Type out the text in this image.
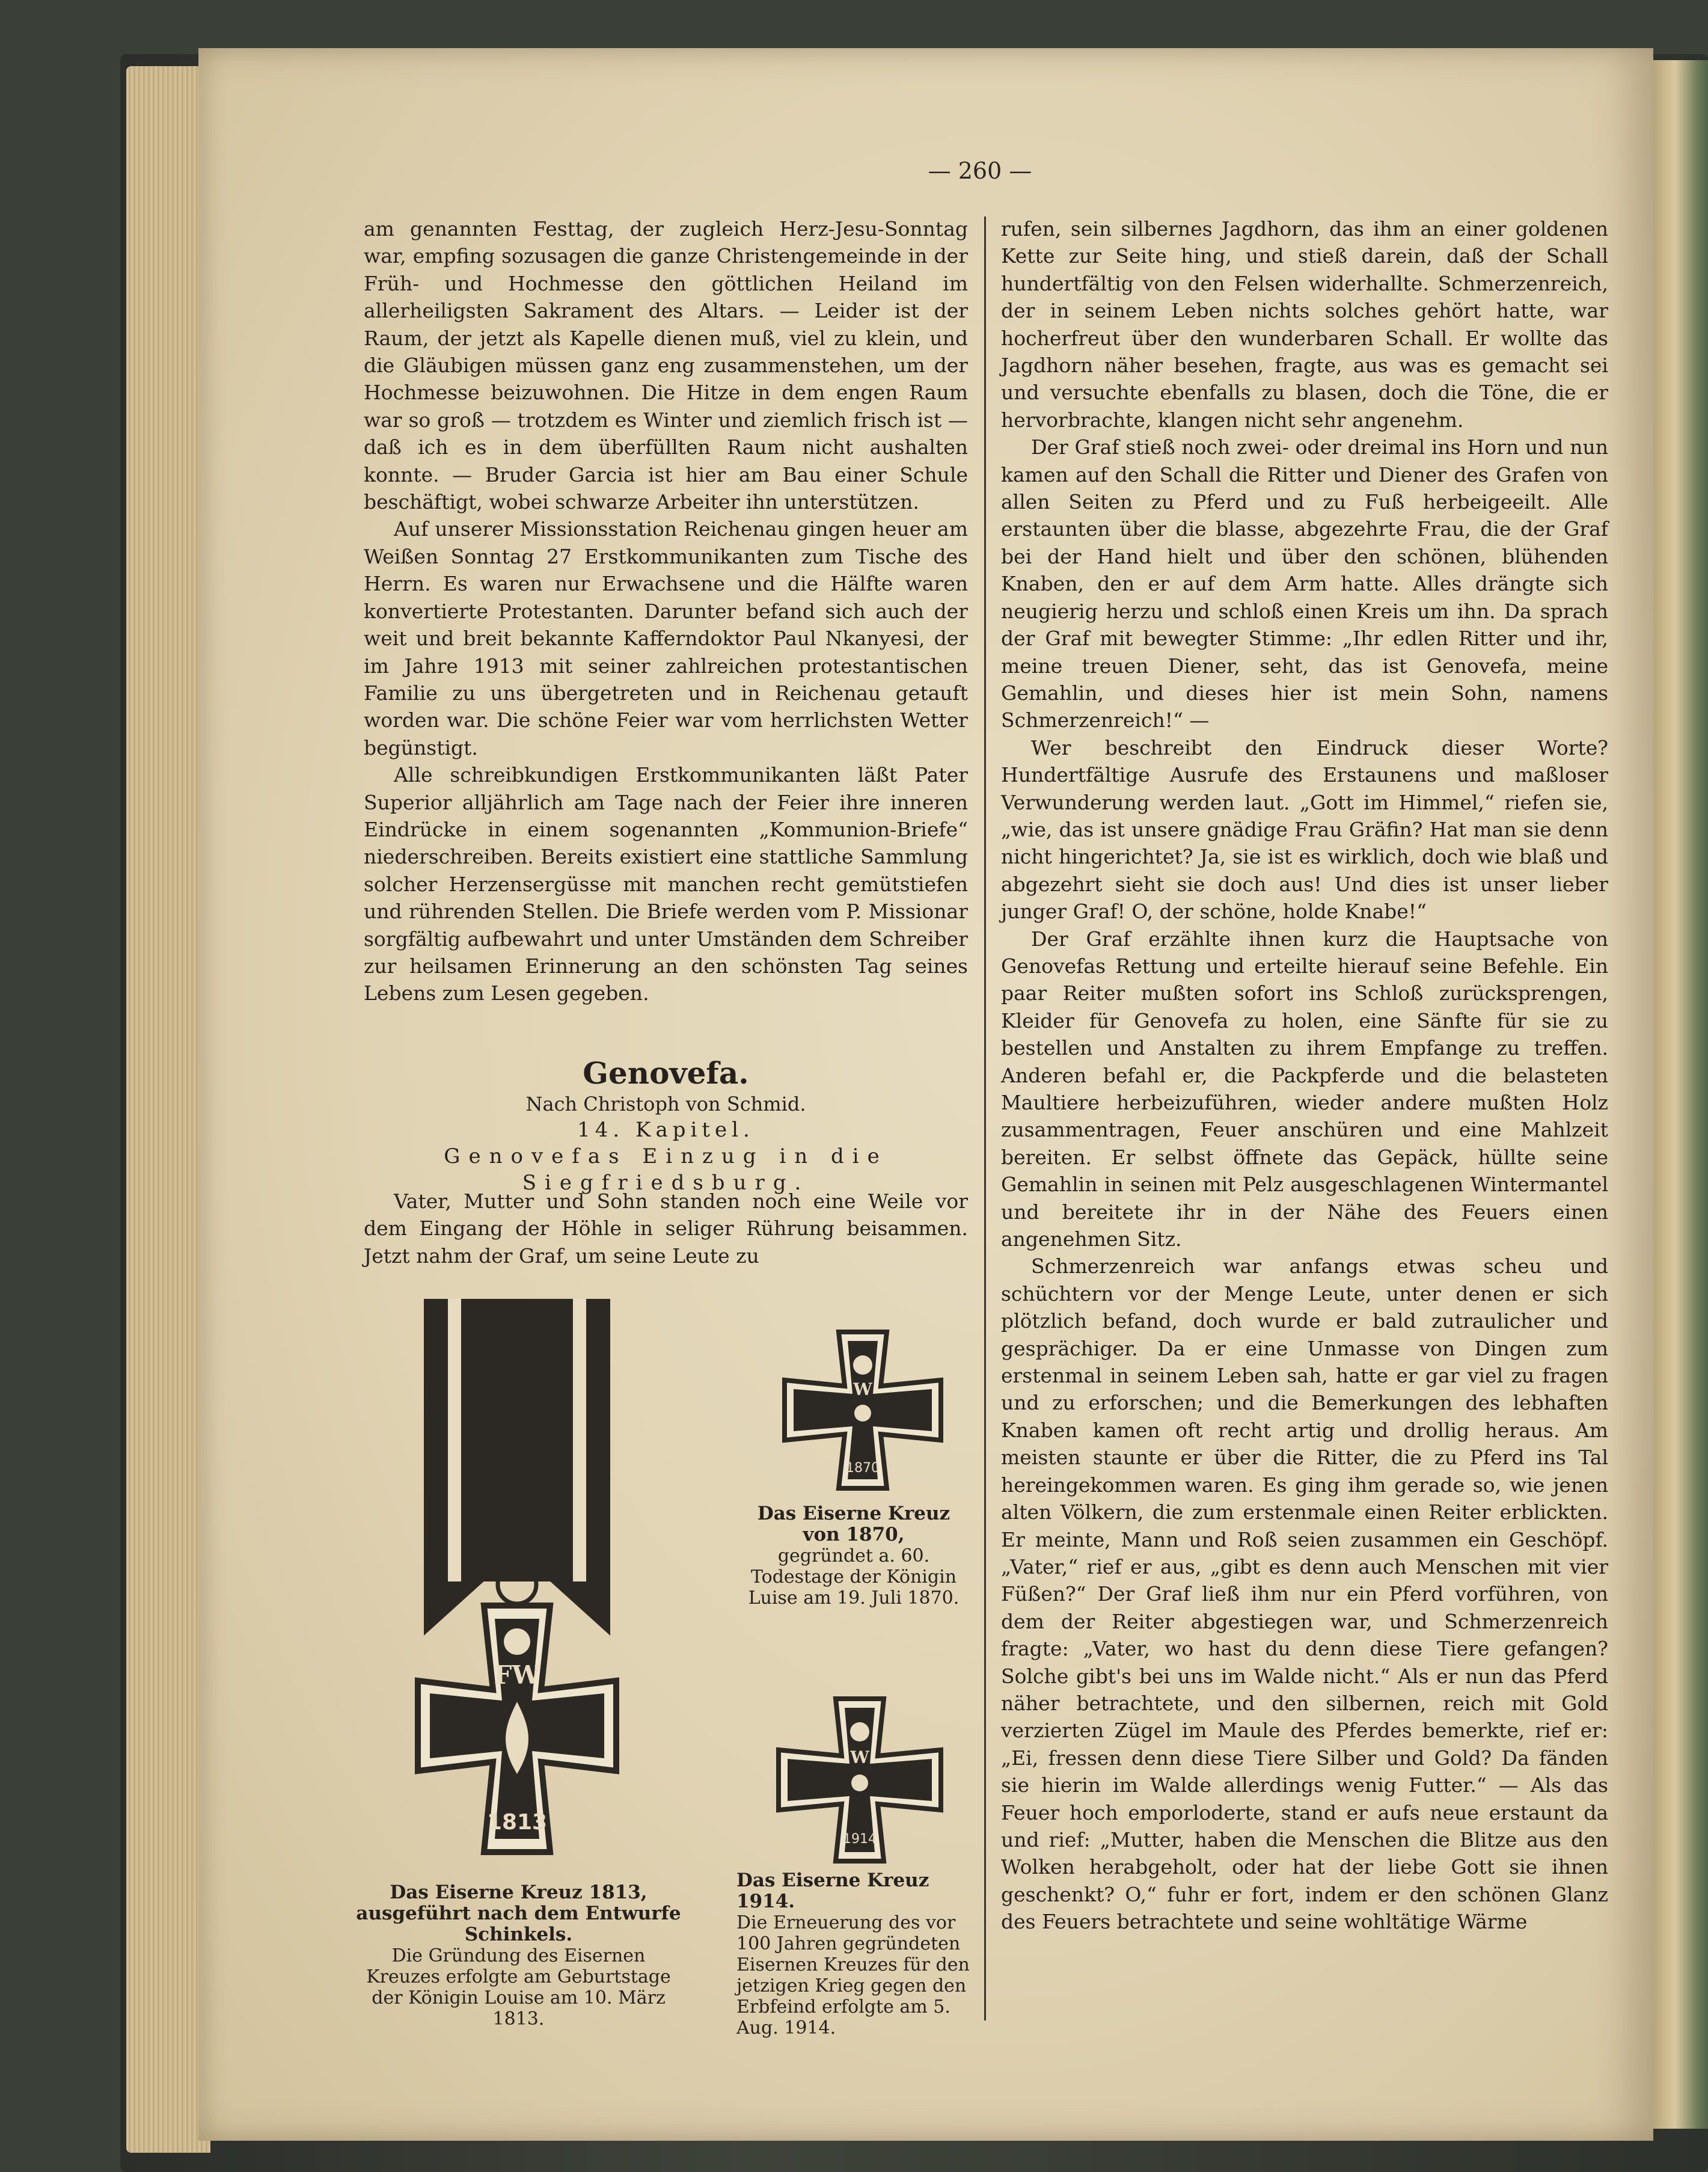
— 260 —

am genannten Festtag, der zugleich Herz-Jesu-Sonntag war, empfing sozusagen die ganze Christengemeinde in der Früh- und Hochmesse den göttlichen Heiland im allerheiligsten Sakrament des Altars. — Leider ist der Raum, der jetzt als Kapelle dienen muß, viel zu klein, und die Gläubigen müssen ganz eng zusammenstehen, um der Hochmesse beizuwohnen. Die Hitze in dem engen Raum war so groß — trotzdem es Winter und ziemlich frisch ist — daß ich es in dem überfüllten Raum nicht aushalten konnte. — Bruder Garcia ist hier am Bau einer Schule beschäftigt, wobei schwarze Arbeiter ihn unterstützen.

Auf unserer Missionsstation Reichenau gingen heuer am Weißen Sonntag 27 Erstkommunikanten zum Tische des Herrn. Es waren nur Erwachsene und die Hälfte waren konvertierte Protestanten. Darunter befand sich auch der weit und breit bekannte Kafferndoktor Paul Nkanyesi, der im Jahre 1913 mit seiner zahlreichen protestantischen Familie zu uns übergetreten und in Reichenau getauft worden war. Die schöne Feier war vom herrlichsten Wetter begünstigt.

Alle schreibkundigen Erstkommunikanten läßt Pater Superior alljährlich am Tage nach der Feier ihre inneren Eindrücke in einem sogenannten „Kommunion-Briefe“ niederschreiben. Bereits existiert eine stattliche Sammlung solcher Herzensergüsse mit manchen recht gemütstiefen und rührenden Stellen. Die Briefe werden vom P. Missionar sorgfältig aufbewahrt und unter Umständen dem Schreiber zur heilsamen Erinnerung an den schönsten Tag seines Lebens zum Lesen gegeben.

Genovefa.
Nach Christoph von Schmid.
14. Kapitel.
Genovefas Einzug in die Siegfriedsburg.

Vater, Mutter und Sohn standen noch eine Weile vor dem Eingang der Höhle in seliger Rührung beisammen. Jetzt nahm der Graf, um seine Leute zu

rufen, sein silbernes Jagdhorn, das ihm an einer goldenen Kette zur Seite hing, und stieß darein, daß der Schall hundertfältig von den Felsen widerhallte. Schmerzenreich, der in seinem Leben nichts solches gehört hatte, war hocherfreut über den wunderbaren Schall. Er wollte das Jagdhorn näher besehen, fragte, aus was es gemacht sei und versuchte ebenfalls zu blasen, doch die Töne, die er hervorbrachte, klangen nicht sehr angenehm.

Der Graf stieß noch zwei- oder dreimal ins Horn und nun kamen auf den Schall die Ritter und Diener des Grafen von allen Seiten zu Pferd und zu Fuß herbeigeeilt. Alle erstaunten über die blasse, abgezehrte Frau, die der Graf bei der Hand hielt und über den schönen, blühenden Knaben, den er auf dem Arm hatte. Alles drängte sich neugierig herzu und schloß einen Kreis um ihn. Da sprach der Graf mit bewegter Stimme: „Ihr edlen Ritter und ihr, meine treuen Diener, seht, das ist Genovefa, meine Gemahlin, und dieses hier ist mein Sohn, namens Schmerzenreich!“ —

Wer beschreibt den Eindruck dieser Worte? Hundertfältige Ausrufe des Erstaunens und maßloser Verwunderung werden laut. „Gott im Himmel,“ riefen sie, „wie, das ist unsere gnädige Frau Gräfin? Hat man sie denn nicht hingerichtet? Ja, sie ist es wirklich, doch wie blaß und abgezehrt sieht sie doch aus! Und dies ist unser lieber junger Graf! O, der schöne, holde Knabe!“

Der Graf erzählte ihnen kurz die Hauptsache von Genovefas Rettung und erteilte hierauf seine Befehle. Ein paar Reiter mußten sofort ins Schloß zurücksprengen, Kleider für Genovefa zu holen, eine Sänfte für sie zu bestellen und Anstalten zu ihrem Empfange zu treffen. Anderen befahl er, die Packpferde und die belasteten Maultiere herbeizuführen, wieder andere mußten Holz zusammentragen, Feuer anschüren und eine Mahlzeit bereiten. Er selbst öffnete das Gepäck, hüllte seine Gemahlin in seinen mit Pelz ausgeschlagenen Wintermantel und bereitete ihr in der Nähe des Feuers einen angenehmen Sitz.

Schmerzenreich war anfangs etwas scheu und schüchtern vor der Menge Leute, unter denen er sich plötzlich befand, doch wurde er bald zutraulicher und gesprächiger. Da er eine Unmasse von Dingen zum erstenmal in seinem Leben sah, hatte er gar viel zu fragen und zu erforschen; und die Bemerkungen des lebhaften Knaben kamen oft recht artig und drollig heraus. Am meisten staunte er über die Ritter, die zu Pferd ins Tal hereingekommen waren. Es ging ihm gerade so, wie jenen alten Völkern, die zum erstenmale einen Reiter erblickten. Er meinte, Mann und Roß seien zusammen ein Geschöpf. „Vater,“ rief er aus, „gibt es denn auch Menschen mit vier Füßen?“ Der Graf ließ ihm nur ein Pferd vorführen, von dem der Reiter abgestiegen war, und Schmerzenreich fragte: „Vater, wo hast du denn diese Tiere gefangen? Solche gibt's bei uns im Walde nicht.“ Als er nun das Pferd näher betrachtete, und den silbernen, reich mit Gold verzierten Zügel im Maule des Pferdes bemerkte, rief er: „Ei, fressen denn diese Tiere Silber und Gold? Da fänden sie hierin im Walde allerdings wenig Futter.“ — Als das Feuer hoch emporloderte, stand er aufs neue erstaunt da und rief: „Mutter, haben die Menschen die Blitze aus den Wolken herabgeholt, oder hat der liebe Gott sie ihnen geschenkt? O,“ fuhr er fort, indem er den schönen Glanz des Feuers betrachtete und seine wohltätige Wärme

FW
1813
W
1870
W
1914
Das Eiserne Kreuz 1813, ausgeführt nach dem Entwurfe Schinkels.
Die Gründung des Eisernen Kreuzes erfolgte am Geburtstage der Königin Louise am 10. März 1813.
Das Eiserne Kreuz von 1870,
gegründet a. 60. Todestage der Königin Luise am 19. Juli 1870.
Das Eiserne Kreuz 1914.
Die Erneuerung des vor 100 Jahren gegründeten Eisernen Kreuzes für den jetzigen Krieg gegen den Erbfeind erfolgte am 5. Aug. 1914.
